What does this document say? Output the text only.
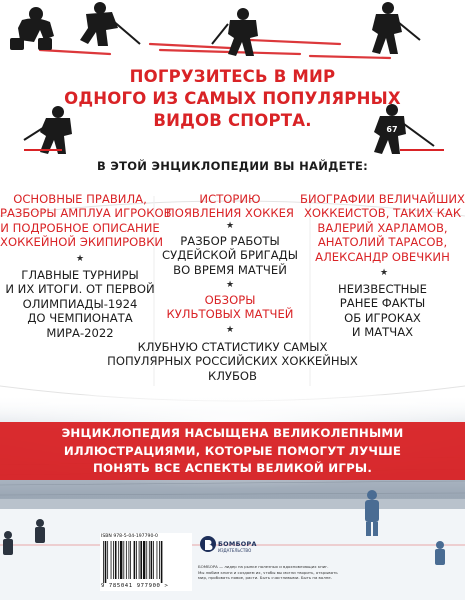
67
ПОГРУЗИТЕСЬ В МИР
ОДНОГО ИЗ САМЫХ ПОПУЛЯРНЫХ
ВИДОВ СПОРТА.
В ЭТОЙ ЭНЦИКЛОПЕДИИ ВЫ НАЙДЕТЕ:
ОСНОВНЫЕ ПРАВИЛА,
РАЗБОРЫ АМПЛУА ИГРОКОВ
И ПОДРОБНОЕ ОПИСАНИЕ
ХОККЕЙНОЙ ЭКИПИРОВКИ
★
ГЛАВНЫЕ ТУРНИРЫ
И ИХ ИТОГИ. ОТ ПЕРВОЙ
ОЛИМПИАДЫ-1924
ДО ЧЕМПИОНАТА
МИРА-2022
ИСТОРИЮ
ПОЯВЛЕНИЯ ХОККЕЯ
★
РАЗБОР РАБОТЫ
СУДЕЙСКОЙ БРИГАДЫ
ВО ВРЕМЯ МАТЧЕЙ
★
ОБЗОРЫ
КУЛЬТОВЫХ МАТЧЕЙ
БИОГРАФИИ ВЕЛИЧАЙШИХ
ХОККЕИСТОВ, ТАКИХ КАК
ВАЛЕРИЙ ХАРЛАМОВ,
АНАТОЛИЙ ТАРАСОВ,
АЛЕКСАНДР ОВЕЧКИН
★
НЕИЗВЕСТНЫЕ
РАНЕЕ ФАКТЫ
ОБ ИГРОКАХ
И МАТЧАХ
★
КЛУБНУЮ СТАТИСТИКУ САМЫХ
ПОПУЛЯРНЫХ РОССИЙСКИХ ХОККЕЙНЫХ
КЛУБОВ
ЭНЦИКЛОПЕДИЯ НАСЫЩЕНА ВЕЛИКОЛЕПНЫМИ
ИЛЛЮСТРАЦИЯМИ, КОТОРЫЕ ПОМОГУТ ЛУЧШЕ
ПОНЯТЬ ВСЕ АСПЕКТЫ ВЕЛИКОЙ ИГРЫ.
ISBN 978-5-04-197790-0
9 785041 977900 >
БОМБОРА
ИЗДАТЕЛЬСТВО
БОМБОРА — лидер на рынке полезных и вдохновляющих книг.
Мы любим книги и создаем их, чтобы вы могли творить, открывать
мир, пробовать новое, расти. Быть счастливыми. Быть на волне.
